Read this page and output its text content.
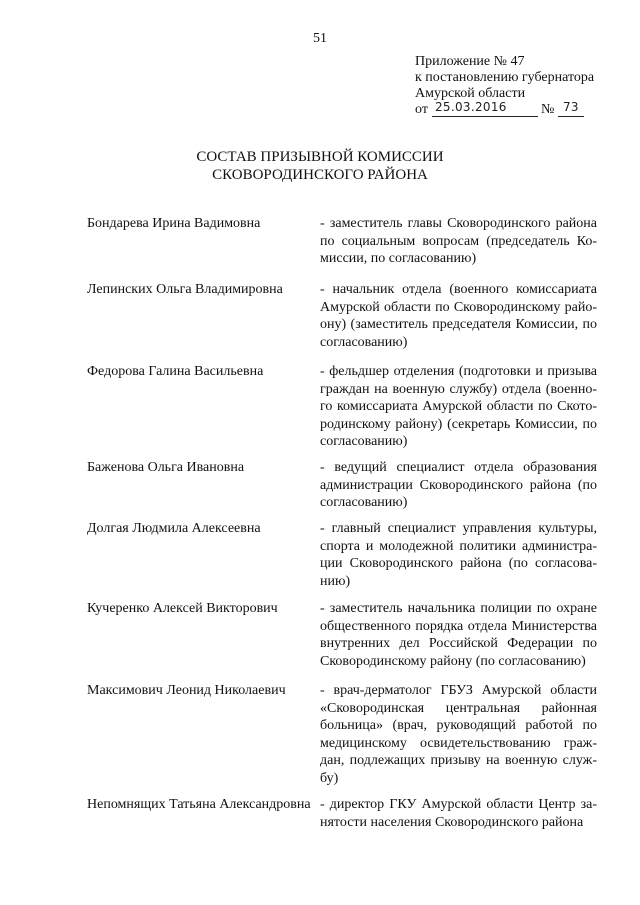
51
Приложение № 47
к постановлению губернатора
Амурской области
от 25.03.2016 № 73
СОСТАВ ПРИЗЫВНОЙ КОМИССИИ
СКОВОРОДИНСКОГО РАЙОНА
Бондарева Ирина Вадимовна	- заместитель главы Сковородинского района
по социальным вопросам (председатель Ко-
миссии, по согласованию)
Лепинских Ольга Владимировна	- начальник отдела (военного комиссариата
Амурской области по Сковородинскому райо-
ону) (заместитель председателя Комиссии, по
согласованию)
Федорова Галина Васильевна	- фельдшер отделения (подготовки и призыва
граждан на военную службу) отдела (военно-
го комиссариата Амурской области по Ското-
родинскому району) (секретарь Комиссии, по
согласованию)
Баженова Ольга Ивановна	- ведущий специалист отдела образования
администрации Сковородинского района (по
согласованию)
Долгая Людмила Алексеевна	- главный специалист управления культуры,
спорта и молодежной политики администра-
ции Сковородинского района (по согласова-
нию)
Кучеренко Алексей Викторович	- заместитель начальника полиции по охране
общественного порядка отдела Министерства
внутренних дел Российской Федерации по
Сковородинскому району (по согласованию)
Максимович Леонид Николаевич - врач-дерматолог ГБУЗ Амурской области
«Сковородинская центральная районная
больница» (врач, руководящий работой по
медицинскому освидетельствованию граж-
дан, подлежащих призыву на военную служ-
бу)
Непомнящих Татьяна Александровна - директор ГКУ Амурской области Центр за-
нятости населения Сковородинского района
